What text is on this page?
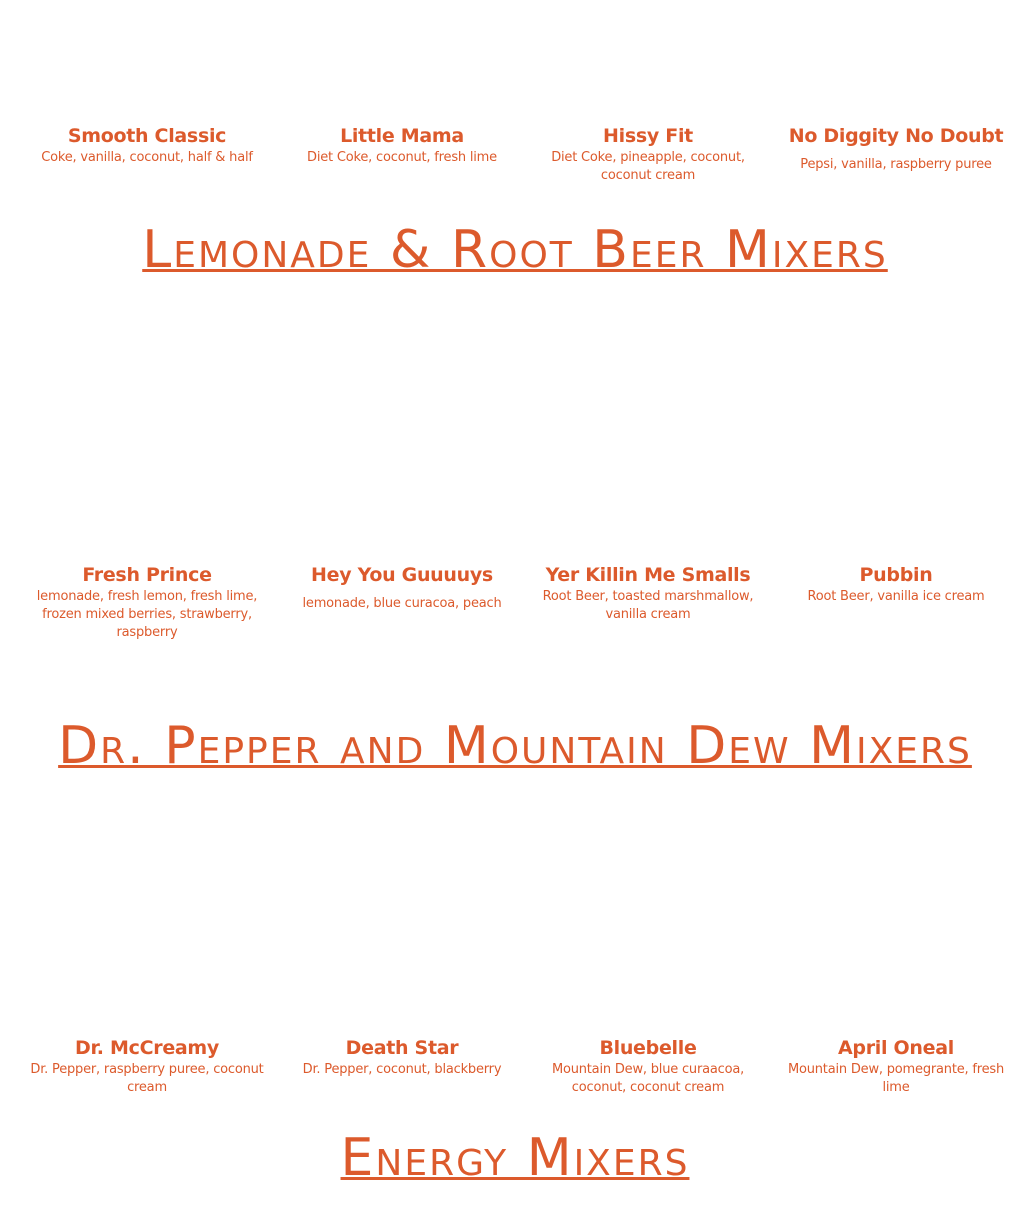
Smooth Classic
Coke, vanilla, coconut, half & half
Little Mama
Diet Coke, coconut, fresh lime
Hissy Fit
Diet Coke, pineapple, coconut, coconut cream
No Diggity No Doubt
Pepsi, vanilla, raspberry puree
Lemonade & Root Beer Mixers
Fresh Prince
lemonade, fresh lemon, fresh lime, frozen mixed berries, strawberry, raspberry
Hey You Guuuuys
lemonade, blue curacoa, peach
Yer Killin Me Smalls
Root Beer, toasted marshmallow, vanilla cream
Pubbin
Root Beer, vanilla ice cream
Dr. Pepper and Mountain Dew Mixers
Dr. McCreamy
Dr. Pepper, raspberry puree, coconut cream
Death Star
Dr. Pepper, coconut, blackberry
Bluebelle
Mountain Dew, blue curaacoa, coconut, coconut cream
April Oneal
Mountain Dew, pomegrante, fresh lime
Energy Mixers
